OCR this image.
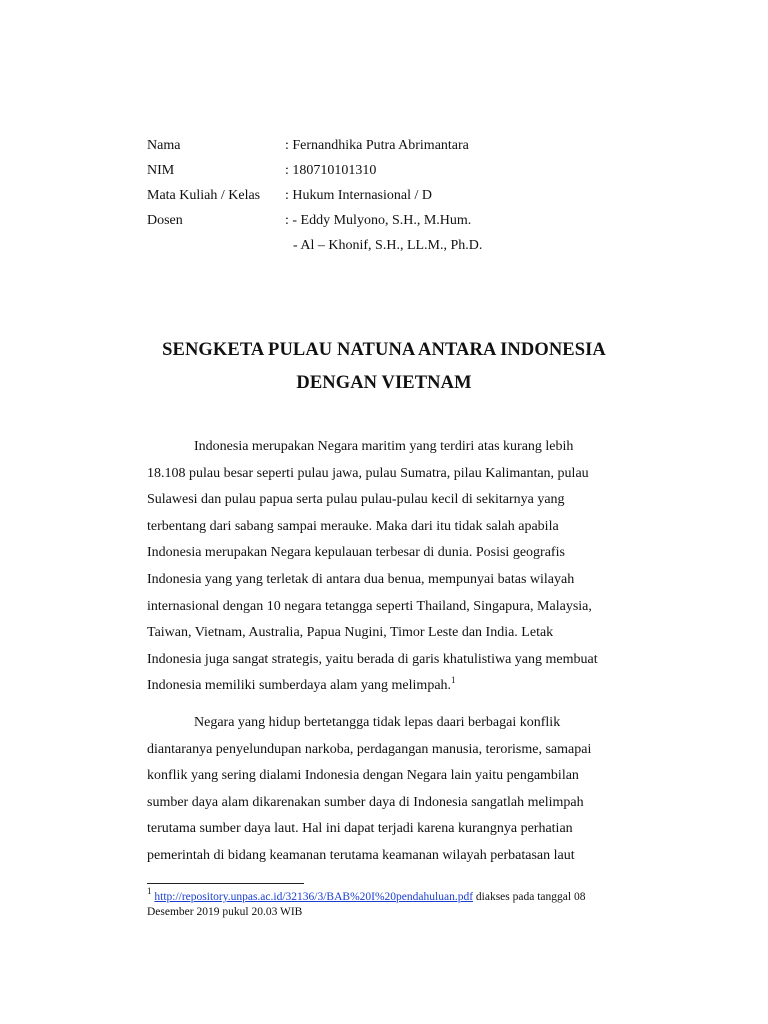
Nama	: Fernandhika Putra Abrimantara
NIM	: 180710101310
Mata Kuliah / Kelas	: Hukum Internasional / D
Dosen	: - Eddy Mulyono, S.H., M.Hum.
- Al – Khonif, S.H., LL.M., Ph.D.
SENGKETA PULAU NATUNA ANTARA INDONESIA
DENGAN VIETNAM
Indonesia merupakan Negara maritim yang terdiri atas kurang lebih
18.108 pulau besar seperti pulau jawa, pulau Sumatra, pilau Kalimantan, pulau
Sulawesi dan pulau papua serta pulau pulau-pulau kecil di sekitarnya yang
terbentang dari sabang sampai merauke. Maka dari itu tidak salah apabila
Indonesia merupakan Negara kepulauan terbesar di dunia. Posisi geografis
Indonesia yang yang terletak di antara dua benua, mempunyai batas wilayah
internasional dengan 10 negara tetangga seperti Thailand, Singapura, Malaysia,
Taiwan, Vietnam, Australia, Papua Nugini, Timor Leste dan India. Letak
Indonesia juga sangat strategis, yaitu berada di garis khatulistiwa yang membuat
Indonesia memiliki sumberdaya alam yang melimpah.$^1$
Negara yang hidup bertetangga tidak lepas daari berbagai konflik
diantaranya penyelundupan narkoba, perdagangan manusia, terorisme, samapai
konflik yang sering dialami Indonesia dengan Negara lain yaitu pengambilan
sumber daya alam dikarenakan sumber daya di Indonesia sangatlah melimpah
terutama sumber daya laut. Hal ini dapat terjadi karena kurangnya perhatian
pemerintah di bidang keamanan terutama keamanan wilayah perbatasan laut
$^1$ http://repository.unpas.ac.id/32136/3/BAB%20I%20pendahuluan.pdf diakses pada tanggal 08
Desember 2019 pukul 20.03 WIB
